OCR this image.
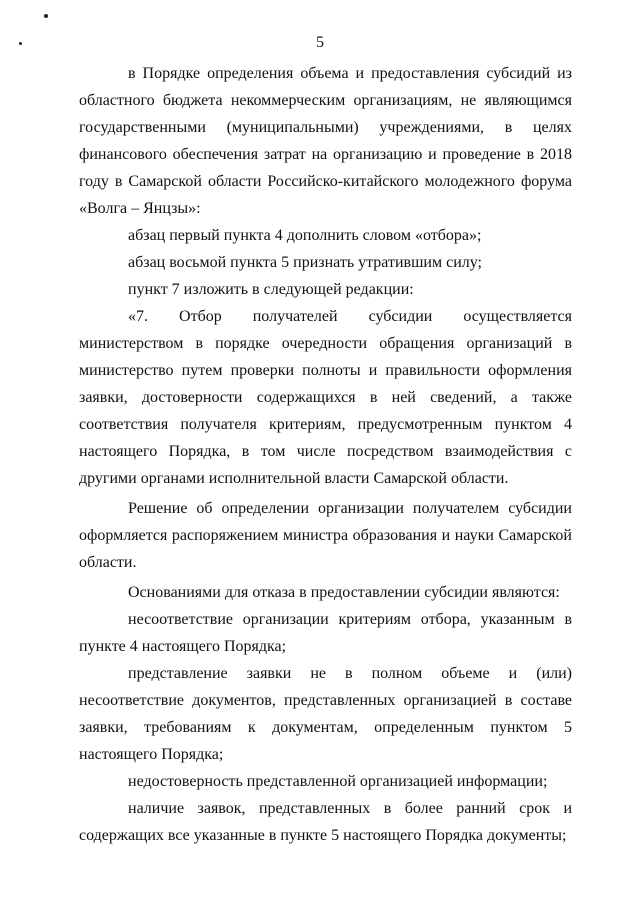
5

в Порядке определения объема и предоставления субсидий из областного бюджета некоммерческим организациям, не являющимся государственными (муниципальными) учреждениями, в целях финансового обеспечения затрат на организацию и проведение в 2018 году в Самарской области Российско-китайского молодежного форума «Волга – Янцзы»:

абзац первый пункта 4 дополнить словом «отбора»;

абзац восьмой пункта 5 признать утратившим силу;

пункт 7 изложить в следующей редакции:

«7. Отбор получателей субсидии осуществляется министерством в порядке очередности обращения организаций в министерство путем проверки полноты и правильности оформления заявки, достоверности содержащихся в ней сведений, а также соответствия получателя критериям, предусмотренным пунктом 4 настоящего Порядка, в том числе посредством взаимодействия с другими органами исполнительной власти Самарской области.

Решение об определении организации получателем субсидии оформляется распоряжением министра образования и науки Самарской области.

Основаниями для отказа в предоставлении субсидии являются:

несоответствие организации критериям отбора, указанным в пункте 4 настоящего Порядка;

представление заявки не в полном объеме и (или) несоответствие документов, представленных организацией в составе заявки, требованиям к документам, определенным пунктом 5 настоящего Порядка;

недостоверность представленной организацией информации;

наличие заявок, представленных в более ранний срок и содержащих все указанные в пункте 5 настоящего Порядка документы;
